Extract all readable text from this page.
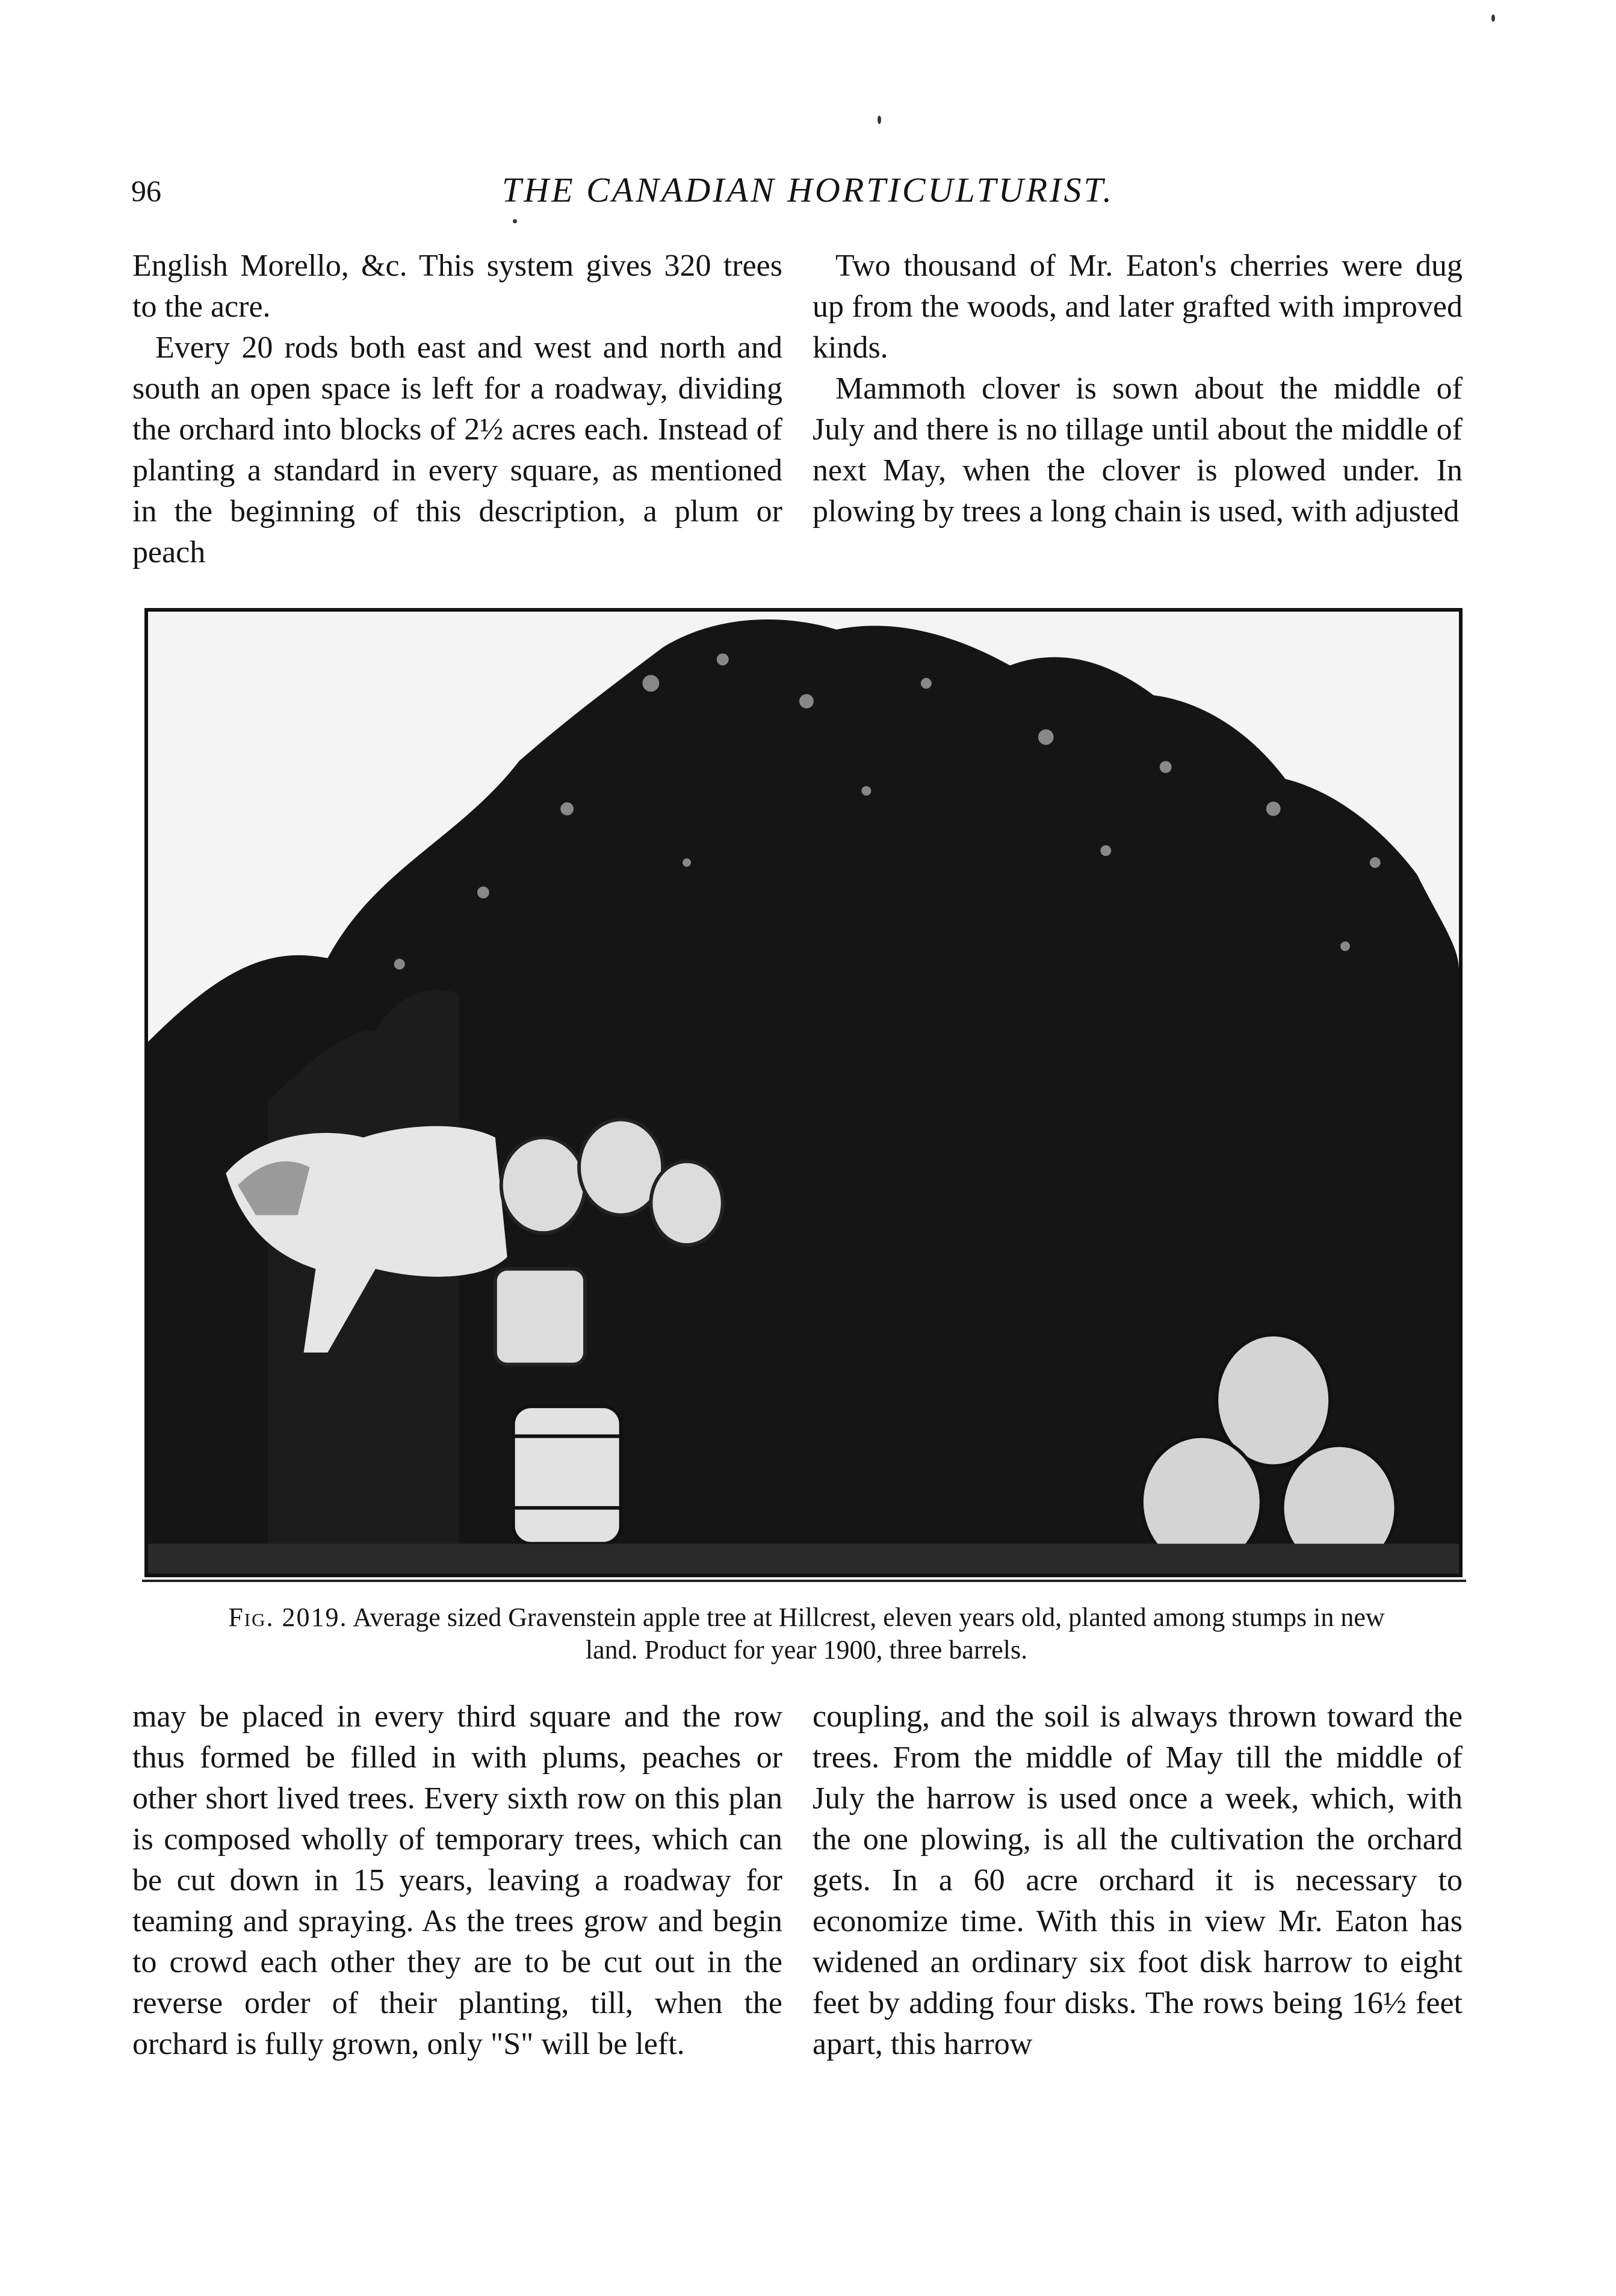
96	THE CANADIAN HORTICULTURIST.

English Morello, &c. This system gives 320 trees to the acre.

Every 20 rods both east and west and north and south an open space is left for a roadway, dividing the orchard into blocks of 2½ acres each. Instead of planting a standard in every square, as mentioned in the beginning of this description, a plum or peach

Two thousand of Mr. Eaton's cherries were dug up from the woods, and later grafted with improved kinds.

Mammoth clover is sown about the middle of July and there is no tillage until about the middle of next May, when the clover is plowed under. In plowing by trees a long chain is used, with adjusted

Fig. 2019. Average sized Gravenstein apple tree at Hillcrest, eleven years old, planted among stumps in new land. Product for year 1900, three barrels.

may be placed in every third square and the row thus formed be filled in with plums, peaches or other short lived trees. Every sixth row on this plan is composed wholly of temporary trees, which can be cut down in 15 years, leaving a roadway for teaming and spraying. As the trees grow and begin to crowd each other they are to be cut out in the reverse order of their planting, till, when the orchard is fully grown, only "S" will be left.

coupling, and the soil is always thrown toward the trees. From the middle of May till the middle of July the harrow is used once a week, which, with the one plowing, is all the cultivation the orchard gets. In a 60 acre orchard it is necessary to economize time. With this in view Mr. Eaton has widened an ordinary six foot disk harrow to eight feet by adding four disks. The rows being 16½ feet apart, this harrow
